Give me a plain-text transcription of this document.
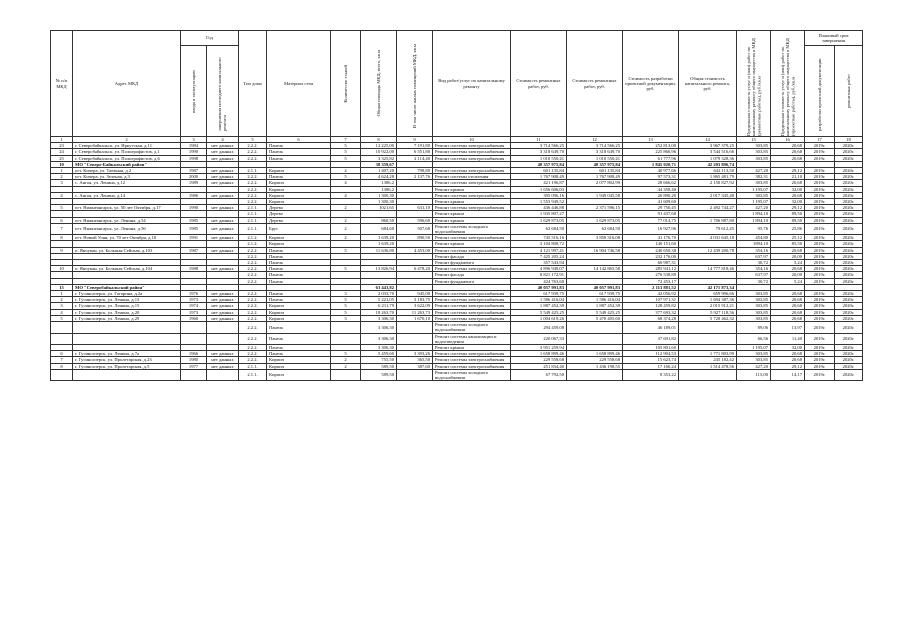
№ п/п МКД	Адрес МКД	Год		Тип дома	Материал стен	Количество этажей	Общая площадь МКД, всего, кв.м	В том числе жилых помещений МКД, кв.м	Вид работ/услуг по капитальному ремонту	Стоимость ремонтных работ, руб.	Стоимость ремонтных работ, руб.	Стоимость разработки проектной документации, руб.	Общая стоимость капитального ремонта, руб.	Предельная стоимость услуг и (или) работ по капитальному ремонту общего имущества в МКД (ремонтные работы), руб./кв.м	Предельная стоимость услуг и (или) работ по капитальному ремонту общего имущества в МКД (проектные работы), руб./кв.м	Плановый срок завершения	

		ввода в эксплуатацию	завершения последнего капитального ремонта													разработки проектной документации	ремонтных работ

1	2	3	4	5	6	7	8	9	10	11	12	13	14	15	16	17	18
23	г. Северобайкальск, ул. Иркутская, д.11	1984	нет данных	2.2.2.	Панель	5	12 225,00	7 191,80	Ремонт системы электроснабжения	3 714 566,25	3 714 566,25	252 813,00	3 967 379,25	303,85	20,68	2019г.	2020г.
24	г. Северобайкальск, ул. Полиграфистов, д.1	1990	нет данных	2.2.2.	Панель	5	10 922,00	6 551,80	Ремонт системы электроснабжения	3 318 649,70	3 318 649,70	225 866,96	3 544 516,66	303,85	20,68	2019г.	2020г.
25	г. Северобайкальск, ул. Полиграфистов, д.6	1998	нет данных	2.2.2.	Панель	5	3 325,82	2 114,40	Ремонт системы электроснабжения	1 010 550,41	1 010 550,41	61 777,96	1 079 328,36	303,85	20,68	2019г.	2020г.
10	МО "Северо-Байкальский район"						38 359,67			40 357 975,84	40 357 975,84	1 845 920,71	42 203 896,74				
1	пгт. Кичера, ул. Таежная, д.2	1987	нет данных	2.1.1.	Кирпич	2	1 407,20	798,80	Ремонт системы электроснабжения	601 135,84	601 135,84	40 977,66	642 113,50	427,20	29,12	2019г.	2020г.
2	пгт. Кичера, ул. Зеленая, д.3	2000	нет данных	2.2.2.	Панель	5	4 624,28	2 137,76	Ремонт системы отопления	1 767 908,49	1 767 908,49	97 573,31	1 865 481,79	382,31	21,10	2019г.	2020г.
3	с. Ангоя, ул. Ленина, д.12	1989	нет данных	2.2.2.	Кирпич	4	1386,2		Ремонт системы электроснабжения	421 196,87	2 077 802,99	28 666,62	2 150 827,92	303,85	20,68	2019г.	2020г.
				2.2.2.	Кирпич		1386,2		Ремонт крыши	1 656 606,03		44 358,40		1 195,07	32,00	2019г.	2020г.
4	с. Ангоя, ул. Ленина, д.14	1986	нет данных	2.2.2.	Кирпич	4	1 300,30		Ремонт системы электроснабжения	395 096,16	1 949 045,58	26 890,20	2 017 345,48	303,85	20,68	2019г.	2020г.
				2.2.2.	Кирпич		1 300,30		Ремонт крыши	1 553 949,52		41 609,60		1 195,07	32,00	2019г.	2020г.
5	пгт. Нижнеангарск, ул. 50 лет Октября, д.17	1990	нет данных	2.1.1.	Дерево	2	1021,65	631,10	Ремонт системы электроснабжения	436 446,88	2 371 596,15	29 750,45	2 492 744,27	427,20	29,12	2019г.	2020г.
				2.1.1.	Дерево				Ремонт крыши	1 935 807,27		91 437,68		1 894,10	89,50	2019г.	2020г.
6	пгт. Нижнеангарск, ул. Ленина, д.54	1985	нет данных	2.1.1.	Дерево	2	860,50	596,60	Ремонт крыши	1 629 873,05	1 629 873,05	77 014,75	1 706 887,80	1 894,10	89,50	2019г.	2020г.
7	пгт. Нижнеангарск, ул. Ленина, д.56	1985	нет данных	2.1.1.	Брус	2	684,60	507,60	Ремонт системы холодного водоснабжения	62 684,50	62 684,50	16 927,96	79 612,45	95,76	25,86	2019г.	2020г.
8	пгт. Новый Уоян, ул. 70 лет Октября, д.10	1991	нет данных	2.1.2.	Кирпич	2	1 639,20	890,50	Ремонт системы электроснабжения	745 516,16	3 850 316,08	41 176,70	4 031 645,18	454,80	25,12	2019г.	2020г.
				2.1.2.	Кирпич		1 639,20		Ремонт крыши	3 104 808,72		140 151,60		1894,10	85,50	2019г.	2020г.
9	п. Янчукан, ул. Большая Сейская, д.103	1987	нет данных	2.2.2.	Панель	5	11 636,80	4 453,00	Ремонт системы электроснабжения	4 121 997,41	16 904 746,58	240 650,38	12 439 200,78	354,16	20,68	2019г.	2020г.
				2.2.2.	Панель				Ремонт фасада	7 425 205,24		232 176,00		637,97	20,00	2019г.	2020г.
				2.2.2.	Панель				Ремонт фундамента	357 543,94		60 987,31		30,72	5,24	2019г.	2020г.
10	п. Янчукан, ул. Большая Сейская, д.104	1988	нет данных	2.2.2.	Панель	5	13 826,94	6 478,20	Ремонт системы электроснабжения	4 896 949,07	14 142 865,58	285 941,12	14 777 818,46	354,16	20,68	2019г.	2020г.
				2.2.2.	Панель				Ремонт фасада	8 821 172,91		276 538,80		637,97	20,00	2019г.	2020г.
				2.2.2.	Панель				Ремонт фундамента	424 763,60		72 453,17		30,72	5,24	2019г.	2020г.
15	МО "Северобайкальский район"						63 443,82			40 057 991,83	40 057 991,83	2 113 881,52	42 171 873,34				
1	г. Гусиноозерск, ул. Гагарина, д.2а	1976	нет данных	2.2.2.	Панель	3	2 033,70	945,00	Ремонт системы электроснабжения	617 939,75	617 939,75	42 056,92	659 996,66	303,85	20,68	2019г.	2020г.
2	г. Гусиноозерск, ул. Ленина, д.13	1973	нет данных	2.2.2.	Панель	5	5 221,05	3 183,75	Ремонт системы электроснабжения	1 586 416,04	1 586 416,04	107 971,31	1 694 387,36	303,85	20,68	2019г.	2020г.
3	г. Гусиноозерск, ул. Ленина, д.15	1974	нет данных	2.2.2.	Кирпич	5	6 211,79	3 622,09	Ремонт системы электроснабжения	1 887 452,39	1 887 452,39	128 459,82	2 015 912,21	303,85	20,68	2019г.	2020г.
4	г. Гусиноозерск, ул. Ленина, д.20	1973	нет данных	2.2.2.	Кирпич	5	18 263,70	11 263,73	Ремонт системы электроснабжения	5 549 425,25	5 549 425,25	377 693,32	5 927 118,56	303,85	20,68	2019г.	2020г.
5	г. Гусиноозерск, ул. Ленина, д.29	1960	нет данных	2.2.2.	Кирпич	3	3 306,30	1 670,10	Ремонт системы электроснабжения	1 004 619,26	5 470 405,60	68 374,28	5 728 462,32	303,85	20,68	2019г.	2020г.
				2.2.2.	Панель		3 306,30		Ремонт системы холодного водоснабжения	294 459,08		46 189,01		89,06	13,97	2019г.	2020г.
				2.2.2.	Панель		3 306,30		Ремонт системы канализации и водоотведения	220 067,33		37 691,82		66,56	11,40	2019г.	2020г.
				2.2.2.	Панель		3 306,30		Ремонт крыши	3 951 259,94		105 801,60		1 195,07	32,00	2019г.	2020г.
6	г. Гусиноозерск, ул. Ленина, д.7а	1966	нет данных	2.2.2.	Панель	5	5 459,60	3 393,26	Ремонт системы электроснабжения	1 658 899,46	1 658 899,46	112 904,53	1 771 803,99	303,85	20,68	2019г.	2020г.
7	г. Гусиноозерск, ул. Пролетарская, д.23	1980	нет данных	2.2.2.	Кирпич	2	755,50	365,50	Ремонт системы электроснабжения	229 558,68	229 558,68	15 623,74	245 182,42	303,85	20,68	2019г.	2020г.
8	г. Гусиноозерск, ул. Пролетарская, д.5	1977	нет данных	2.1.1.	Кирпич	2	589,50	387,60	Ремонт системы электроснабжения	251 834,40	1 436 198,55	17 166,24	1 514 478,56	427,20	29,12	2019г.	2020г.
				2.1.1.	Кирпич		589,50		Ремонт системы холодного водоснабжения	67 792,50		8 353,22		115,00	14,17	2019г.	2020г.
